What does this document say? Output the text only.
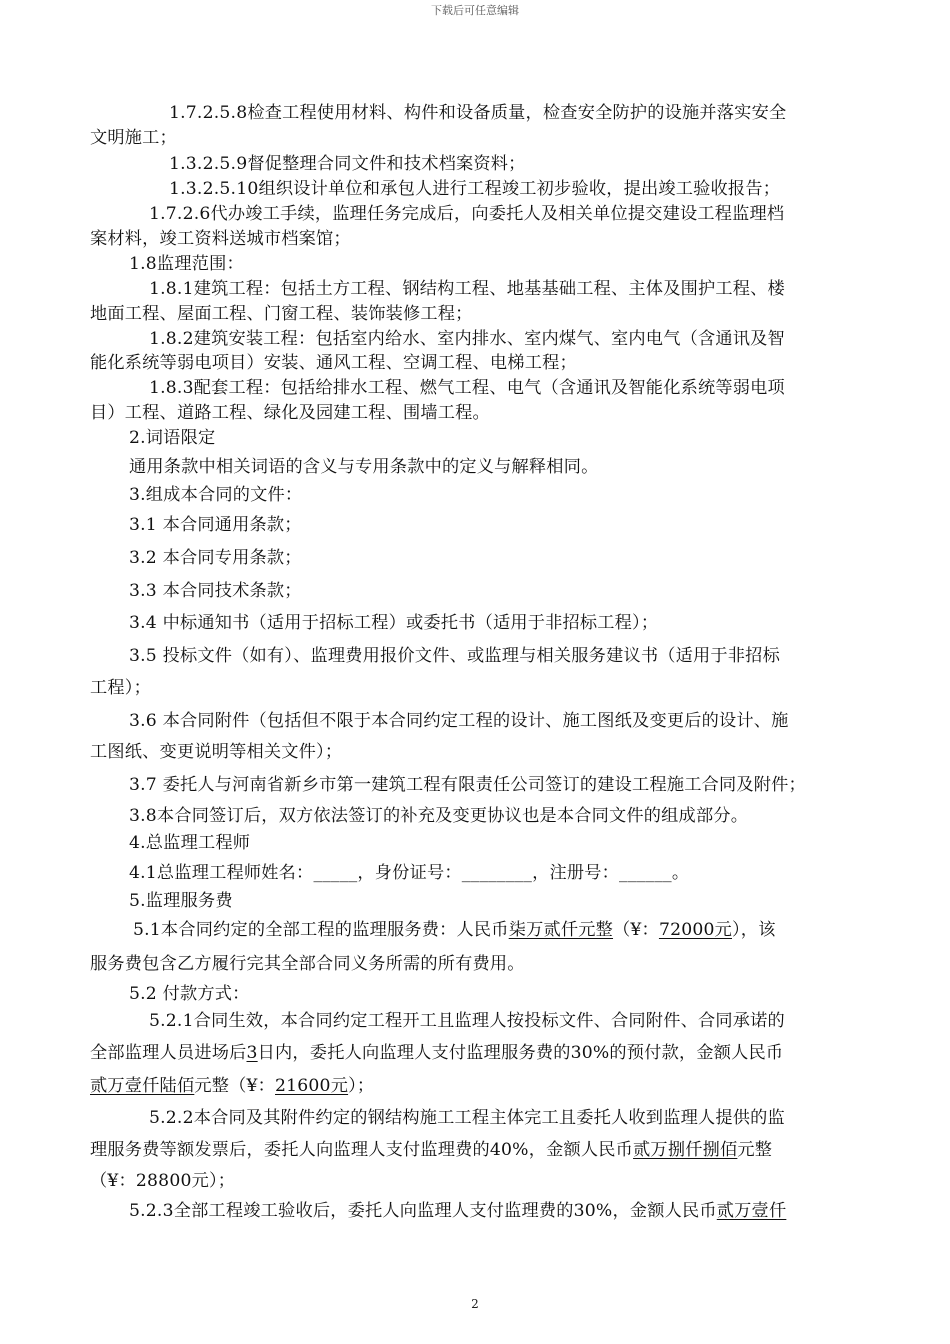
下载后可任意编辑
1.7.2.5.8检查工程使用材料、构件和设备质量，检查安全防护的设施并落实安全
文明施工；
1.3.2.5.9督促整理合同文件和技术档案资料；
1.3.2.5.10组织设计单位和承包人进行工程竣工初步验收，提出竣工验收报告；
1.7.2.6代办竣工手续，监理任务完成后，向委托人及相关单位提交建设工程监理档
案材料，竣工资料送城市档案馆；
1.8监理范围：
1.8.1建筑工程：包括土方工程、钢结构工程、地基基础工程、主体及围护工程、楼
地面工程、屋面工程、门窗工程、装饰装修工程；
1.8.2建筑安装工程：包括室内给水、室内排水、室内煤气、室内电气（含通讯及智
能化系统等弱电项目）安装、通风工程、空调工程、电梯工程；
1.8.3配套工程：包括给排水工程、燃气工程、电气（含通讯及智能化系统等弱电项
目）工程、道路工程、绿化及园建工程、围墙工程。
2.词语限定
通用条款中相关词语的含义与专用条款中的定义与解释相同。
3.组成本合同的文件：
3.1 本合同通用条款；
3.2 本合同专用条款；
3.3 本合同技术条款；
3.4 中标通知书（适用于招标工程）或委托书（适用于非招标工程）；
3.5 投标文件（如有）、监理费用报价文件、或监理与相关服务建议书（适用于非招标
工程）；
3.6 本合同附件（包括但不限于本合同约定工程的设计、施工图纸及变更后的设计、施
工图纸、变更说明等相关文件）；
3.7 委托人与河南省新乡市第一建筑工程有限责任公司签订的建设工程施工合同及附件；
3.8本合同签订后，双方依法签订的补充及变更协议也是本合同文件的组成部分。
4.总监理工程师
4.1总监理工程师姓名：_____，身份证号：________，注册号：______。
5.监理服务费
5.1本合同约定的全部工程的监理服务费：人民币柒万贰仟元整（¥：72000元），该
服务费包含乙方履行完其全部合同义务所需的所有费用。
5.2 付款方式：
5.2.1合同生效，本合同约定工程开工且监理人按投标文件、合同附件、合同承诺的
全部监理人员进场后3日内，委托人向监理人支付监理服务费的30%的预付款，金额人民币
贰万壹仟陆佰元整（¥：21600元）；
5.2.2本合同及其附件约定的钢结构施工工程主体完工且委托人收到监理人提供的监
理服务费等额发票后，委托人向监理人支付监理费的40%，金额人民币贰万捌仟捌佰元整
（¥：28800元）；
5.2.3全部工程竣工验收后，委托人向监理人支付监理费的30%，金额人民币贰万壹仟
2
